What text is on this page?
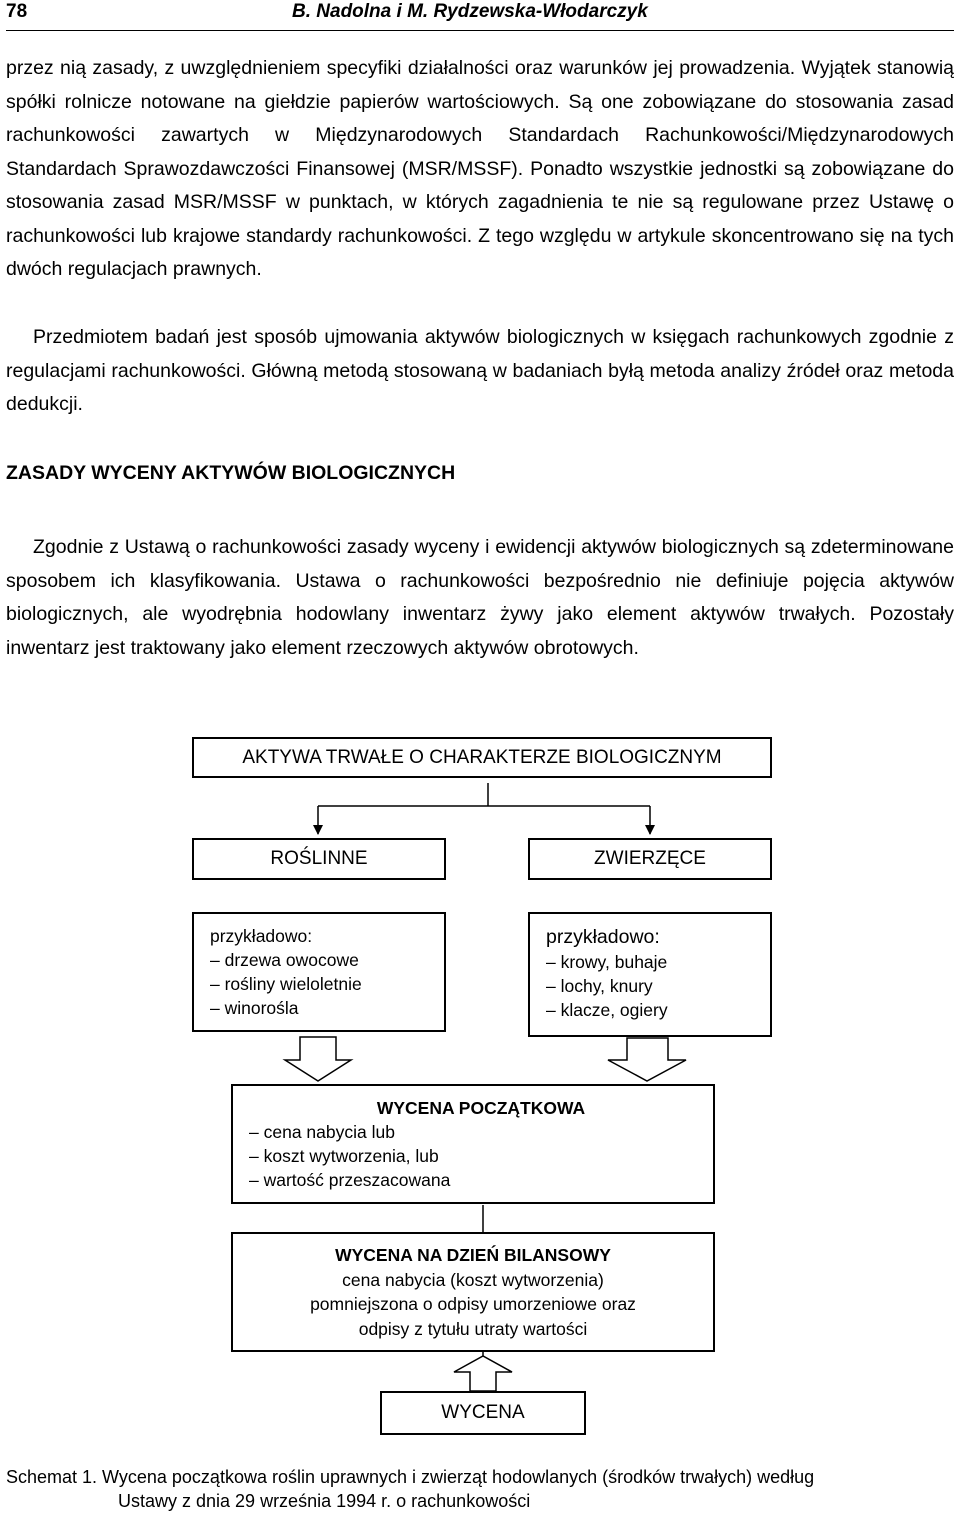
78	B. Nadolna i M. Rydzewska-Włodarczyk

przez nią zasady, z uwzględnieniem specyfiki działalności oraz warunków jej prowadzenia. Wyjątek stanowią spółki rolnicze notowane na giełdzie papierów wartościowych. Są one zobowiązane do stosowania zasad rachunkowości zawartych w Międzynarodowych Standardach Rachunkowości/Międzynarodowych Standardach Sprawozdawczości Finansowej (MSR/MSSF). Ponadto wszystkie jednostki są zobowiązane do stosowania zasad MSR/MSSF w punktach, w których zagadnienia te nie są regulowane przez Ustawę o rachunkowości lub krajowe standardy rachunkowości. Z tego względu w artykule skoncentrowano się na tych dwóch regulacjach prawnych.

Przedmiotem badań jest sposób ujmowania aktywów biologicznych w księgach rachunkowych zgodnie z regulacjami rachunkowości. Główną metodą stosowaną w badaniach byłą metoda analizy źródeł oraz metoda dedukcji.

ZASADY WYCENY AKTYWÓW BIOLOGICZNYCH

Zgodnie z Ustawą o rachunkowości zasady wyceny i ewidencji aktywów biologicznych są zdeterminowane sposobem ich klasyfikowania. Ustawa o rachunkowości bezpośrednio nie definiuje pojęcia aktywów biologicznych, ale wyodrębnia hodowlany inwentarz żywy jako element aktywów trwałych. Pozostały inwentarz jest traktowany jako element rzeczowych aktywów obrotowych.

AKTYWA TRWAŁE O CHARAKTERZE BIOLOGICZNYM
ROŚLINNE	ZWIERZĘCE
przykładowo:
– drzewa owocowe
– rośliny wieloletnie
– winorośla
przykładowo:
– krowy, buhaje
– lochy, knury
– klacze, ogiery
WYCENA POCZĄTKOWA
– cena nabycia lub
– koszt wytworzenia, lub
– wartość przeszacowana
WYCENA NA DZIEŃ BILANSOWY
cena nabycia (koszt wytworzenia)
pomniejszona o odpisy umorzeniowe oraz
odpisy z tytułu utraty wartości
WYCENA
Schemat 1. Wycena początkowa roślin uprawnych i zwierząt hodowlanych (środków trwałych) według
Ustawy z dnia 29 września 1994 r. o rachunkowości
